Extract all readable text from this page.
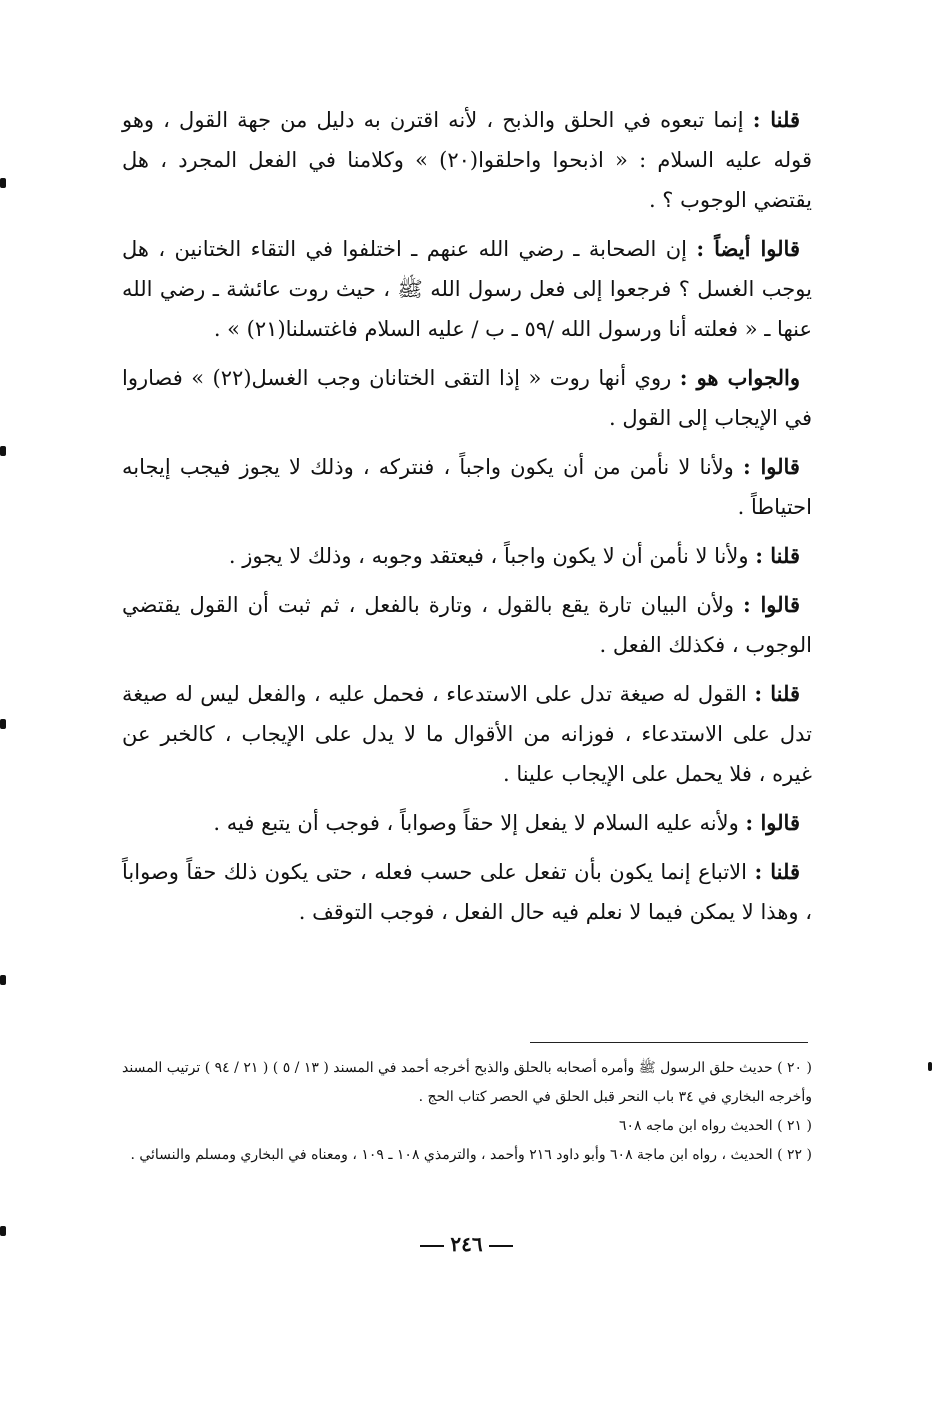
قلنا : إنما تبعوه في الحلق والذبح ، لأنه اقترن به دليل من جهة القول ، وهو قوله عليه السلام : « اذبحوا واحلقوا(٢٠) » وكلامنا في الفعل المجرد ، هل يقتضي الوجوب ؟ .

قالوا أيضاً : إن الصحابة ـ رضي الله عنهم ـ اختلفوا في التقاء الختانين ، هل يوجب الغسل ؟ فرجعوا إلى فعل رسول الله ﷺ ، حيث روت عائشة ـ رضي الله عنها ـ « فعلته أنا ورسول الله /٥٩ ـ ب / عليه السلام فاغتسلنا(٢١) » .

والجواب هو : روي أنها روت « إذا التقى الختانان وجب الغسل(٢٢) » فصاروا في الإيجاب إلى القول .

قالوا : ولأنا لا نأمن من أن يكون واجباً ، فنتركه ، وذلك لا يجوز فيجب إيجابه احتياطاً .

قلنا : ولأنا لا نأمن أن لا يكون واجباً ، فيعتقد وجوبه ، وذلك لا يجوز .

قالوا : ولأن البيان تارة يقع بالقول ، وتارة بالفعل ، ثم ثبت أن القول يقتضي الوجوب ، فكذلك الفعل .

قلنا : القول له صيغة تدل على الاستدعاء ، فحمل عليه ، والفعل ليس له صيغة تدل على الاستدعاء ، فوزانه من الأقوال ما لا يدل على الإيجاب ، كالخبر عن غيره ، فلا يحمل على الإيجاب علينا .

قالوا : ولأنه عليه السلام لا يفعل إلا حقاً وصواباً ، فوجب أن يتبع فيه .

قلنا : الاتباع إنما يكون بأن تفعل على حسب فعله ، حتى يكون ذلك حقاً وصواباً ، وهذا لا يمكن فيما لا نعلم فيه حال الفعل ، فوجب التوقف .

( ٢٠ ) حديث حلق الرسول ﷺ وأمره أصحابه بالحلق والذبح أخرجه أحمد في المسند ( ١٣ / ٥ ) ( ٢١ / ٩٤ ) ترتيب المسند وأخرجه البخاري في ٣٤ باب النحر قبل الحلق في الحصر كتاب الحج .

( ٢١ ) الحديث رواه ابن ماجه ٦٠٨

( ٢٢ ) الحديث ، رواه ابن ماجة ٦٠٨ وأبو داود ٢١٦ وأحمد ، والترمذي ١٠٨ ـ ١٠٩ ، ومعناه في البخاري ومسلم والنسائي .

٢٤٦
